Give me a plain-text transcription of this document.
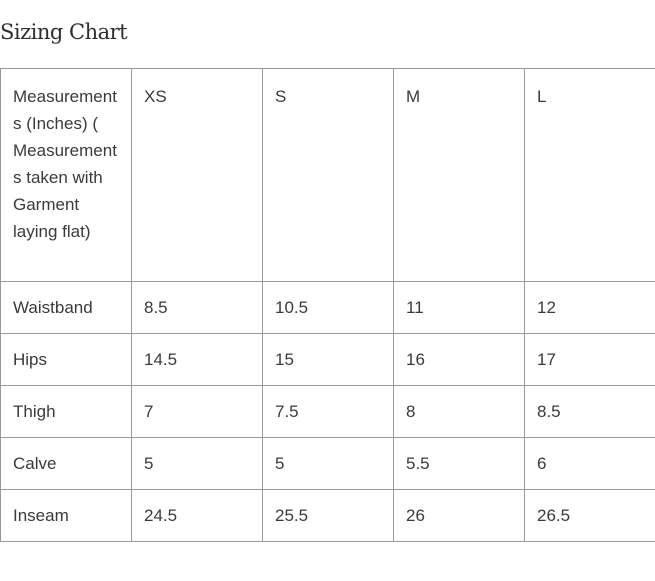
Sizing Chart
Measurements (Inches) ( Measurements taken with Garment laying flat)	XS	S	M	L
Waistband	8.5	10.5	11	12
Hips	14.5	15	16	17
Thigh	7	7.5	8	8.5
Calve	5	5	5.5	6
Inseam	24.5	25.5	26	26.5
